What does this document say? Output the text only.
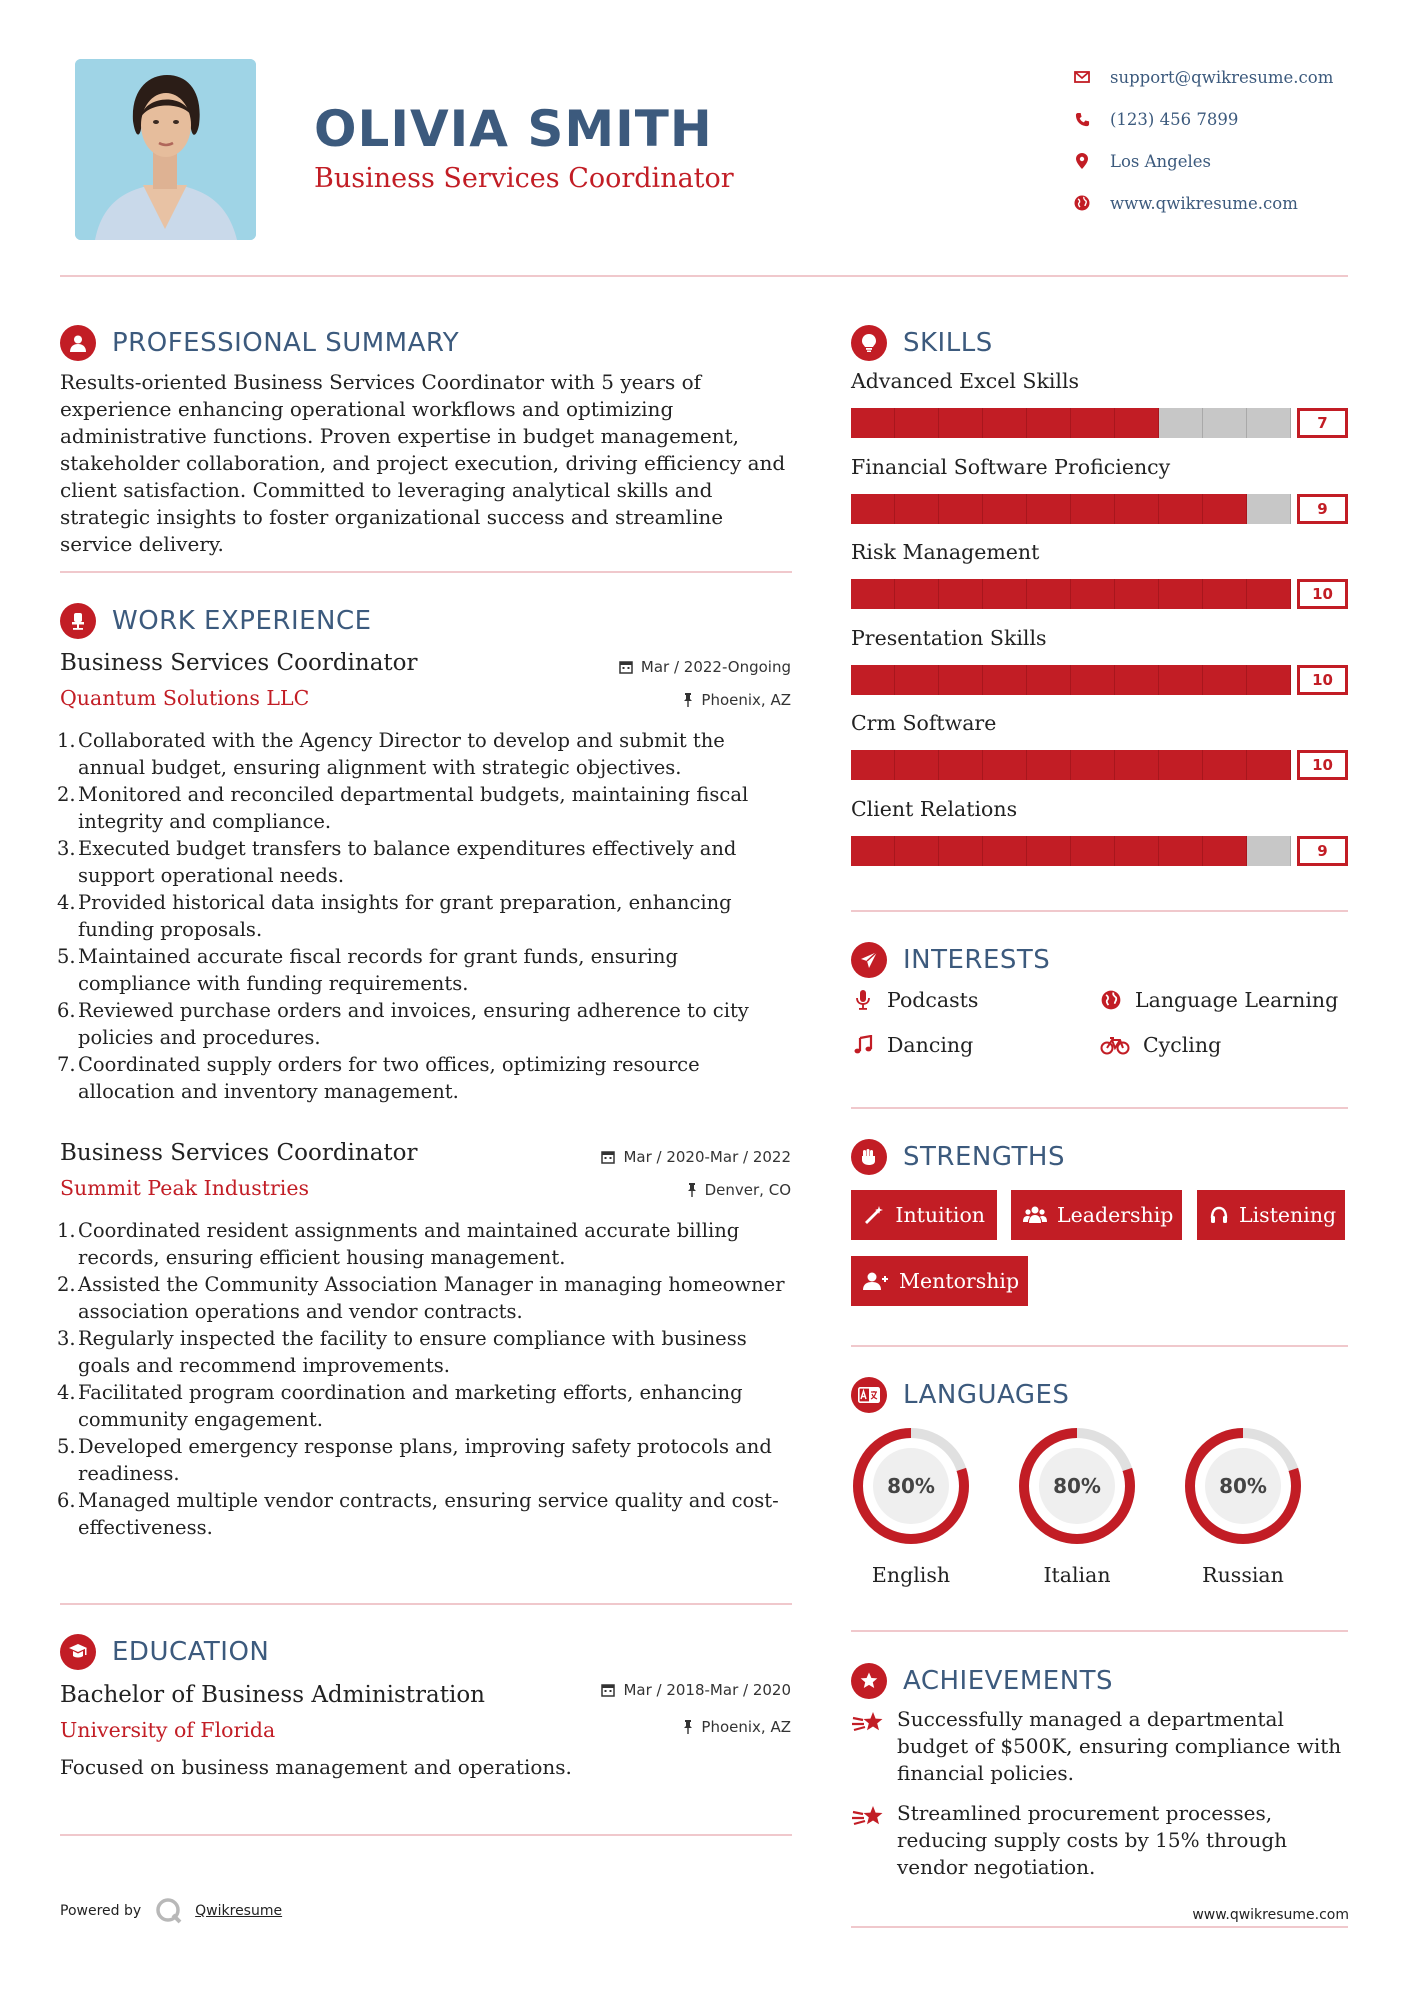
OLIVIA SMITH
Business Services Coordinator
support@qwikresume.com
(123) 456 7899
Los Angeles
www.qwikresume.com
PROFESSIONAL SUMMARY
Results-oriented Business Services Coordinator with 5 years of experience enhancing operational workflows and optimizing administrative functions. Proven expertise in budget management, stakeholder collaboration, and project execution, driving efficiency and client satisfaction. Committed to leveraging analytical skills and strategic insights to foster organizational success and streamline service delivery.
WORK EXPERIENCE
Business Services Coordinator	Mar / 2022-Ongoing
Quantum Solutions LLC	Phoenix, AZ
1. Collaborated with the Agency Director to develop and submit the annual budget, ensuring alignment with strategic objectives.
2. Monitored and reconciled departmental budgets, maintaining fiscal integrity and compliance.
3. Executed budget transfers to balance expenditures effectively and support operational needs.
4. Provided historical data insights for grant preparation, enhancing funding proposals.
5. Maintained accurate fiscal records for grant funds, ensuring compliance with funding requirements.
6. Reviewed purchase orders and invoices, ensuring adherence to city policies and procedures.
7. Coordinated supply orders for two offices, optimizing resource allocation and inventory management.
Business Services Coordinator	Mar / 2020-Mar / 2022
Summit Peak Industries	Denver, CO
1. Coordinated resident assignments and maintained accurate billing records, ensuring efficient housing management.
2. Assisted the Community Association Manager in managing homeowner association operations and vendor contracts.
3. Regularly inspected the facility to ensure compliance with business goals and recommend improvements.
4. Facilitated program coordination and marketing efforts, enhancing community engagement.
5. Developed emergency response plans, improving safety protocols and readiness.
6. Managed multiple vendor contracts, ensuring service quality and cost-effectiveness.
EDUCATION
Bachelor of Business Administration	Mar / 2018-Mar / 2020
University of Florida	Phoenix, AZ
Focused on business management and operations.
SKILLS
Advanced Excel Skills
7
Financial Software Proficiency
9
Risk Management
10
Presentation Skills
10
Crm Software
10
Client Relations
9
INTERESTS
Podcasts	Language Learning
Dancing	Cycling
STRENGTHS
Intuition	Leadership	Listening
Mentorship
LANGUAGES
80%
English
80%
Italian
80%
Russian
ACHIEVEMENTS
Successfully managed a departmental budget of $500K, ensuring compliance with financial policies.
Streamlined procurement processes, reducing supply costs by 15% through vendor negotiation.
Powered by	Qwikresume	www.qwikresume.com
